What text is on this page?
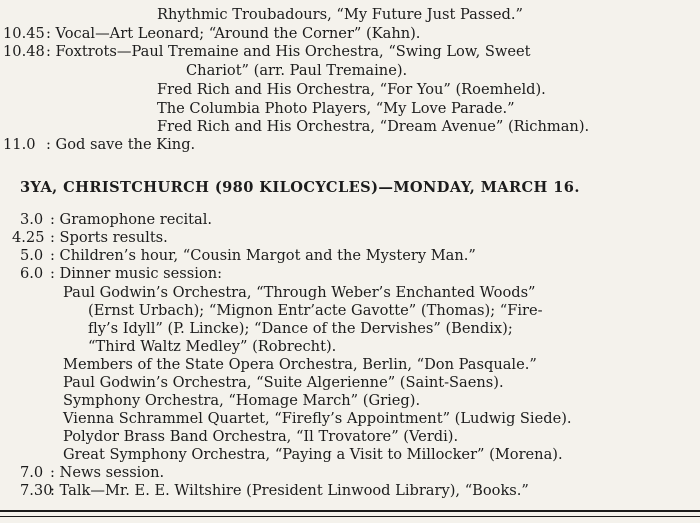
Rhythmic Troubadours, “My Future Just Passed.”
10.45 : Vocal—Art Leonard; “Around the Corner” (Kahn).
10.48 : Foxtrots—Paul Tremaine and His Orchestra, “Swing Low, Sweet
Chariot” (arr. Paul Tremaine).
Fred Rich and His Orchestra, “For You” (Roemheld).
The Columbia Photo Players, “My Love Parade.”
Fred Rich and His Orchestra, “Dream Avenue” (Richman).
11.0 : God save the King.
3YA, CHRISTCHURCH (980 KILOCYCLES)—MONDAY, MARCH 16.
3.0 : Gramophone recital.
4.25 : Sports results.
5.0 : Children’s hour, “Cousin Margot and the Mystery Man.”
6.0 : Dinner music session:
Paul Godwin’s Orchestra, “Through Weber’s Enchanted Woods”
(Ernst Urbach); “Mignon Entr’acte Gavotte” (Thomas); “Fire-
fly’s Idyll” (P. Lincke); “Dance of the Dervishes” (Bendix);
“Third Waltz Medley” (Robrecht).
Members of the State Opera Orchestra, Berlin, “Don Pasquale.”
Paul Godwin’s Orchestra, “Suite Algerienne” (Saint-Saens).
Symphony Orchestra, “Homage March” (Grieg).
Vienna Schrammel Quartet, “Firefly’s Appointment” (Ludwig Siede).
Polydor Brass Band Orchestra, “Il Trovatore” (Verdi).
Great Symphony Orchestra, “Paying a Visit to Millocker” (Morena).
7.0 : News session.
7.30
: Talk—Mr. E. E. Wiltshire (President Linwood Library), “Books.”
